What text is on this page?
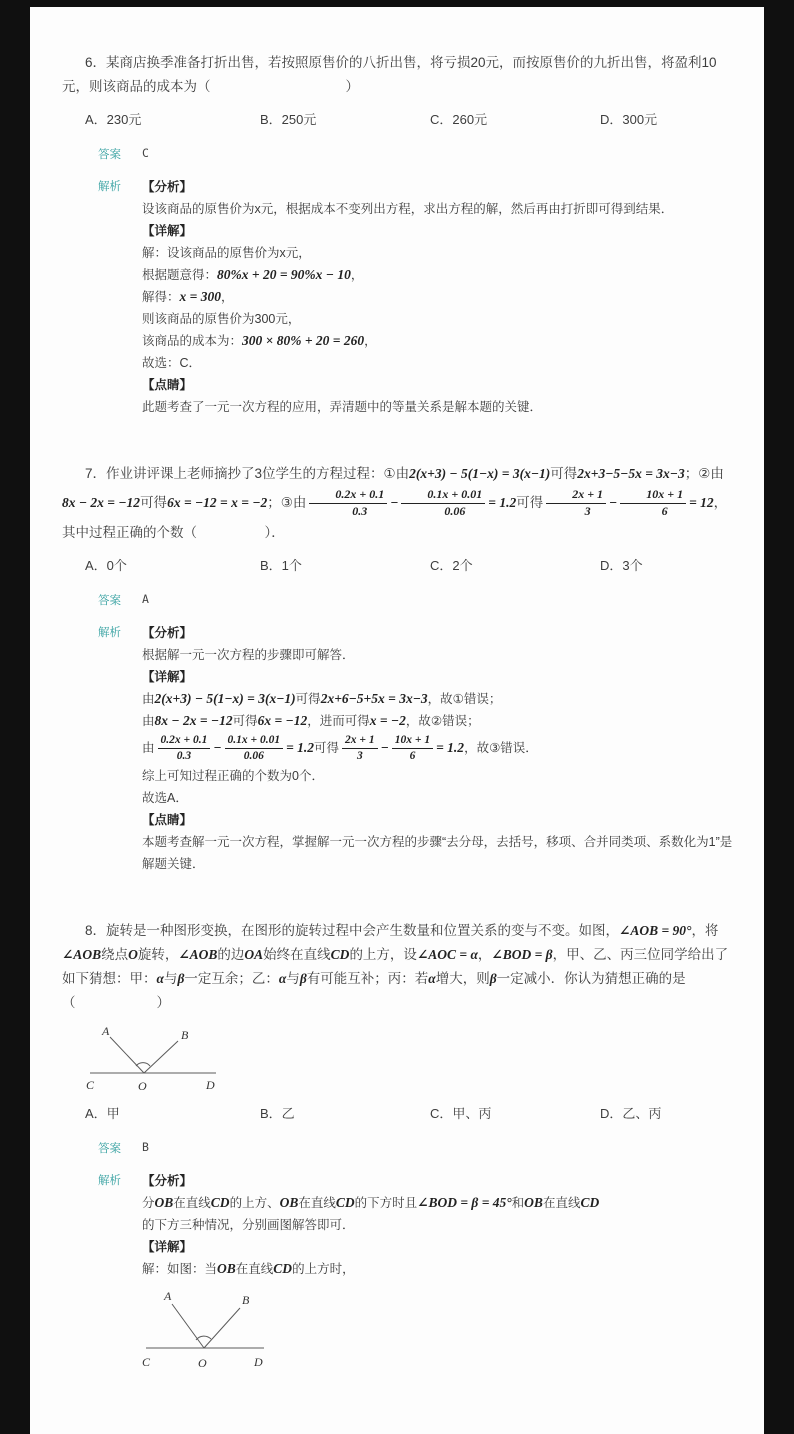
6．某商店换季准备打折出售，若按照原售价的八折出售，将亏损20元，而按原售价的九折出售，将盈利10元，则该商品的成本为（　　　　　　　　　　）
A．230元	B．250元	C．260元	D．300元
答案	C
解析	【分析】
设该商品的原售价为x元，根据成本不变列出方程，求出方程的解，然后再由打折即可得到结果．
【详解】
解：设该商品的原售价为x元，
根据题意得： 80%x + 20 = 90%x − 10 ，
解得： x = 300 ，
则该商品的原售价为300元，
该商品的成本为： 300 × 80% + 20 = 260 ，
故选：C．
【点睛】
此题考查了一元一次方程的应用，弄清题中的等量关系是解本题的关键．
7．作业讲评课上老师摘抄了3位学生的方程过程：①由2(x+3) − 5(1−x) = 3(x−1)可得2x+3−5−5x = 3x−3；②由8x − 2x = −12可得6x = −12 = x = −2；③由 $\frac{0.2x + 0.1}{0.3} - \frac{0.1x + 0.01}{0.06} = 1.2$可得 $\frac{2x + 1}{3} - \frac{10x + 1}{6} = 12$，其中过程正确的个数（　　　　　）．
A．0个	B．1个	C．2个	D．3个
答案	A
解析	【分析】
根据解一元一次方程的步骤即可解答．
【详解】
由 2(x+3) − 5(1−x) = 3(x−1) 可得 2x+6−5+5x = 3x−3 ，故①错误；
由 8x − 2x = −12 可得 6x = −12 ，进而可得 x = −2 ，故②错误；
由 $\frac{0.2x + 0.1}{0.3} - \frac{0.1x + 0.01}{0.06} = 1.2$ 可得 $\frac{2x + 1}{3} - \frac{10x + 1}{6} = 1.2$ ，故③错误．
综上可知过程正确的个数为0个．
故选A．
【点睛】
本题考查解一元一次方程，掌握解一元一次方程的步骤“去分母，去括号，移项、合并同类项、系数化为1”是解题关键．
8．旋转是一种图形变换，在图形的旋转过程中会产生数量和位置关系的变与不变。如图，∠AOB = 90°，将∠AOB绕点O旋转，∠AOB的边OA始终在直线CD的上方，设∠AOC = α，∠BOD = β，甲、乙、丙三位同学给出了如下猜想：甲：α与β一定互余；乙：α与β有可能互补；丙：若α增大，则β一定减小．你认为猜想正确的是（　　　　　　）
A	B
C	O	D
A．甲	B．乙	C．甲、丙	D．乙、丙
答案	B
解析	【分析】
分 OB 在直线 CD 的上方、 OB 在直线 CD 的下方时且 ∠BOD = β = 45° 和 OB 在直线 CD
的下方三种情况，分别画图解答即可．
【详解】
解：如图：当 OB 在直线 CD 的上方时，
A	B
C	O	D
